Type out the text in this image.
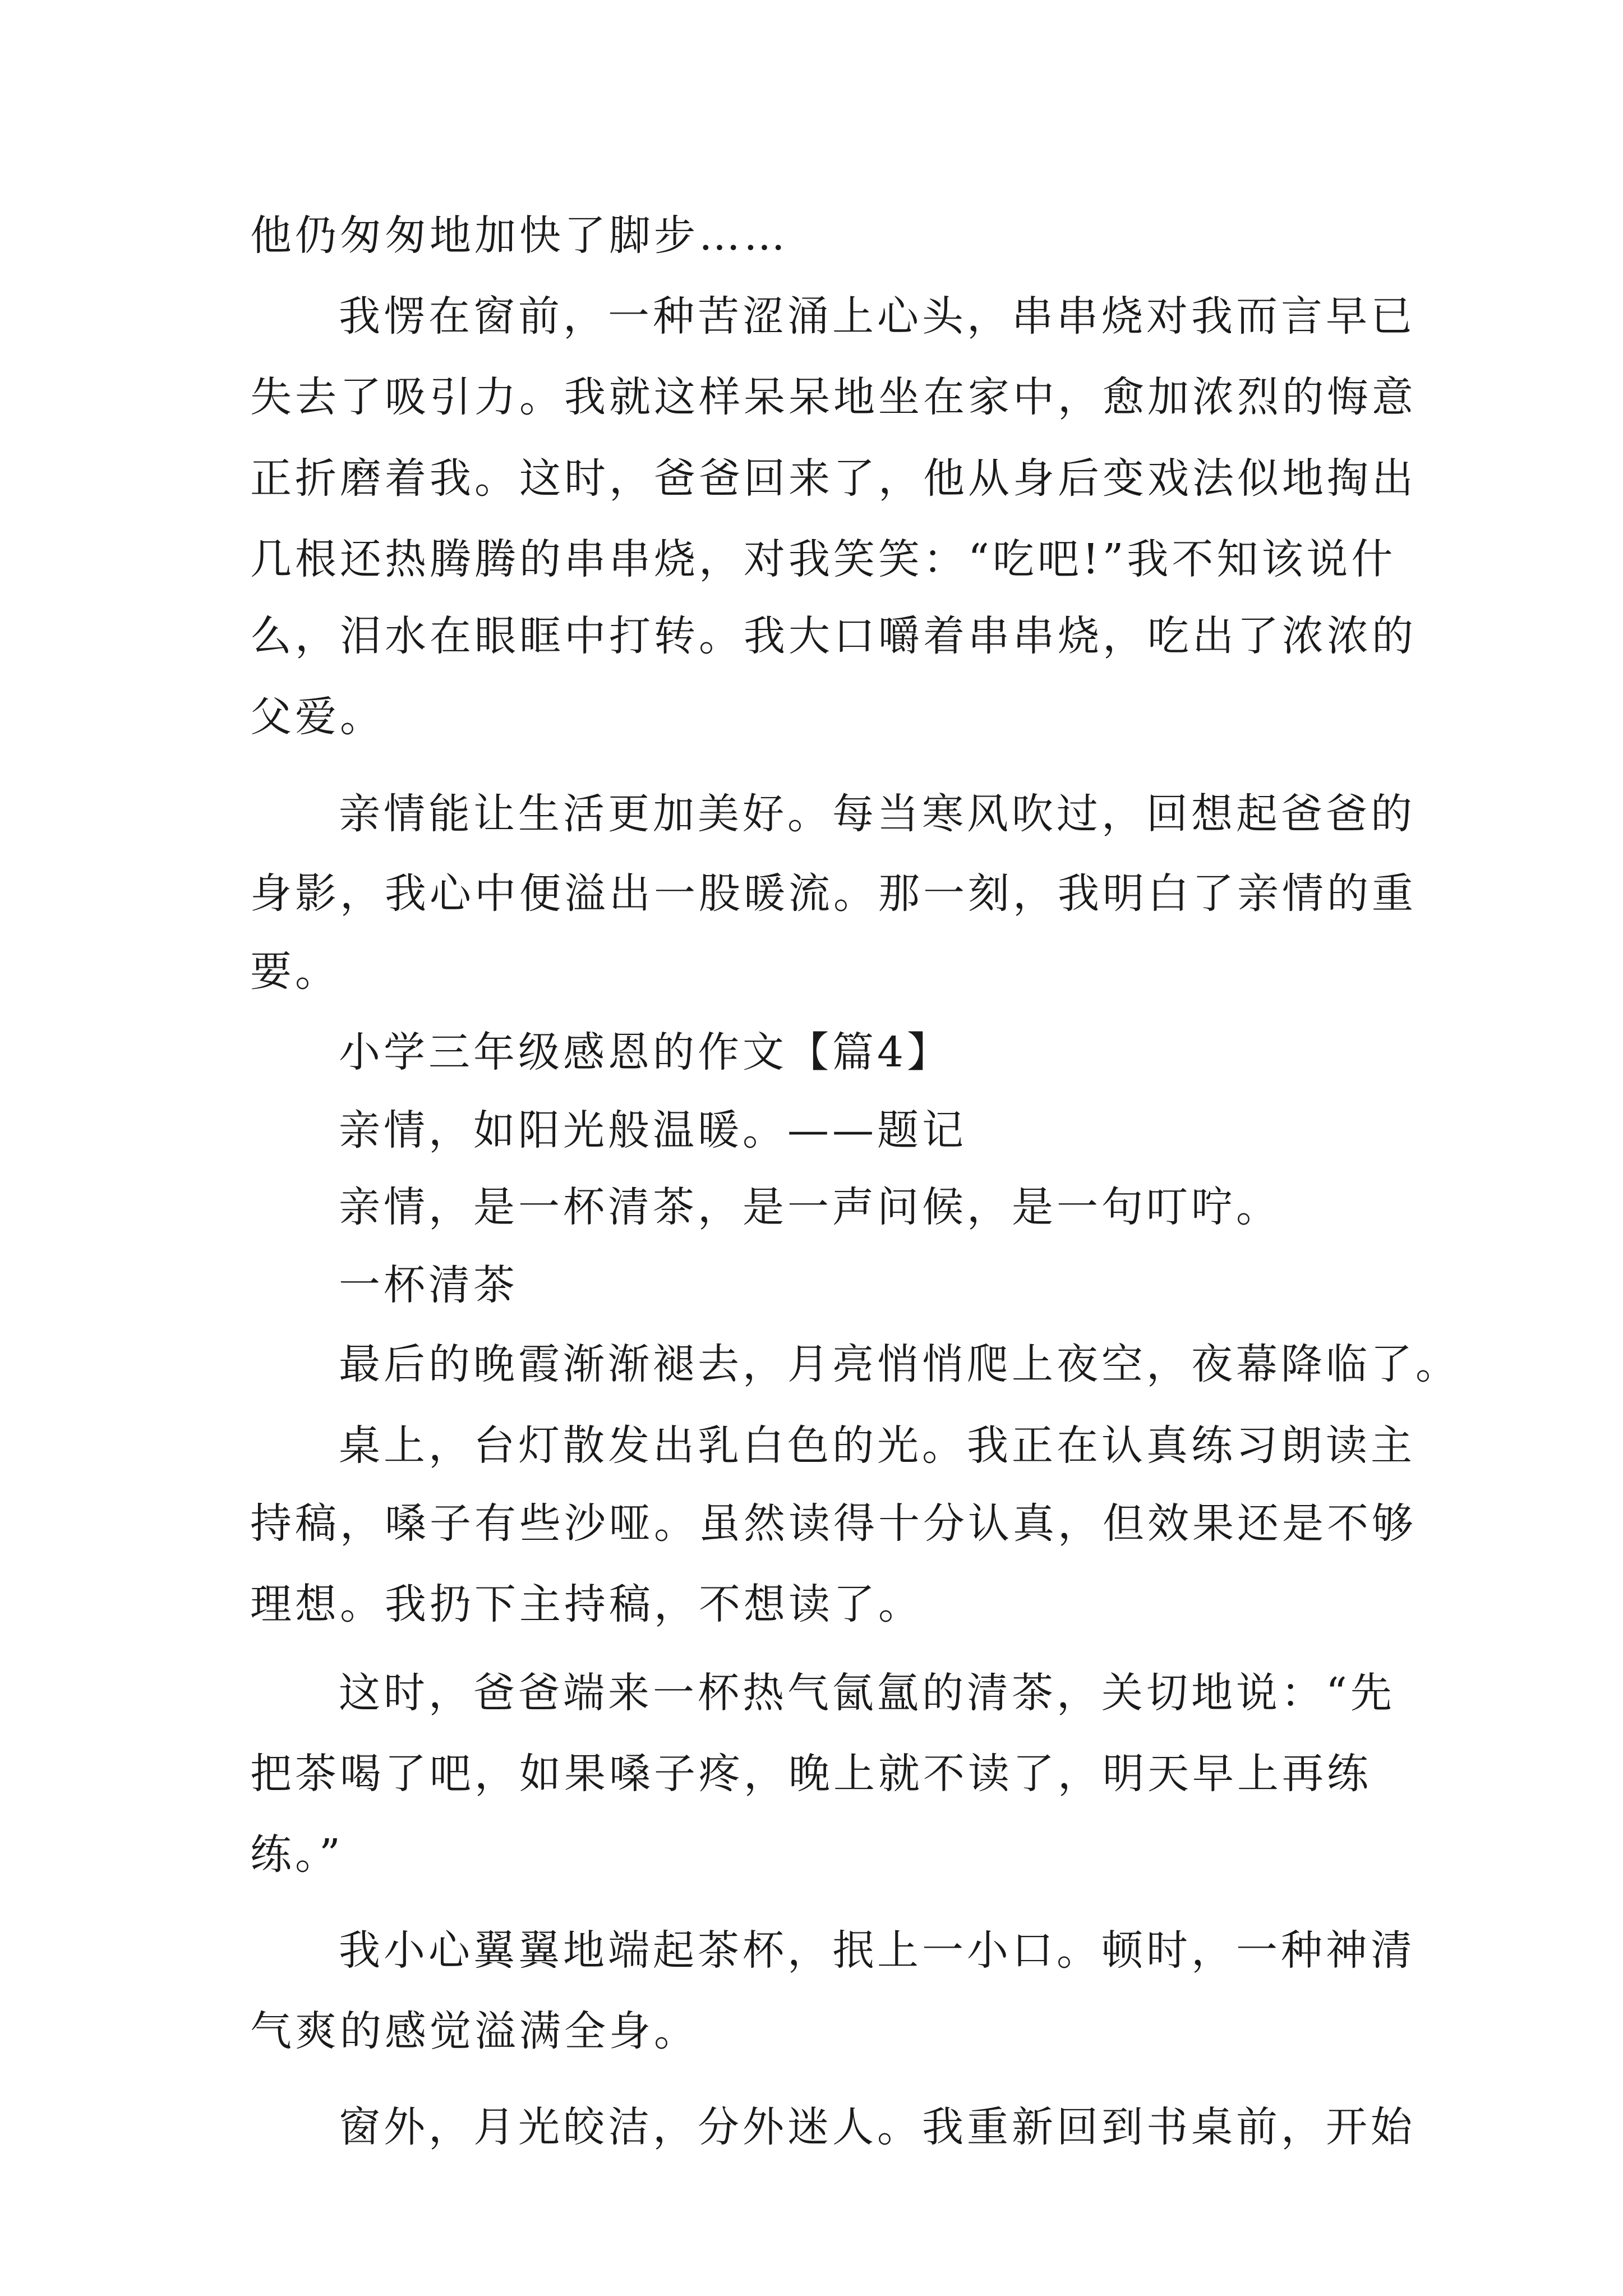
他仍匆匆地加快了脚步……
我愣在窗前，一种苦涩涌上心头，串串烧对我而言早已
失去了吸引力。我就这样呆呆地坐在家中，愈加浓烈的悔意
正折磨着我。这时，爸爸回来了，他从身后变戏法似地掏出
几根还热腾腾的串串烧，对我笑笑：“吃吧!”我不知该说什
么，泪水在眼眶中打转。我大口嚼着串串烧，吃出了浓浓的
父爱。
亲情能让生活更加美好。每当寒风吹过，回想起爸爸的
身影，我心中便溢出一股暖流。那一刻，我明白了亲情的重
要。
小学三年级感恩的作文【篇4】
亲情，如阳光般温暖。——题记
亲情，是一杯清茶，是一声问候，是一句叮咛。
一杯清茶
最后的晚霞渐渐褪去，月亮悄悄爬上夜空，夜幕降临了。
桌上，台灯散发出乳白色的光。我正在认真练习朗读主
持稿，嗓子有些沙哑。虽然读得十分认真，但效果还是不够
理想。我扔下主持稿，不想读了。
这时，爸爸端来一杯热气氤氲的清茶，关切地说：“先
把茶喝了吧，如果嗓子疼，晚上就不读了，明天早上再练
练。”
我小心翼翼地端起茶杯，抿上一小口。顿时，一种神清
气爽的感觉溢满全身。
窗外，月光皎洁，分外迷人。我重新回到书桌前，开始
